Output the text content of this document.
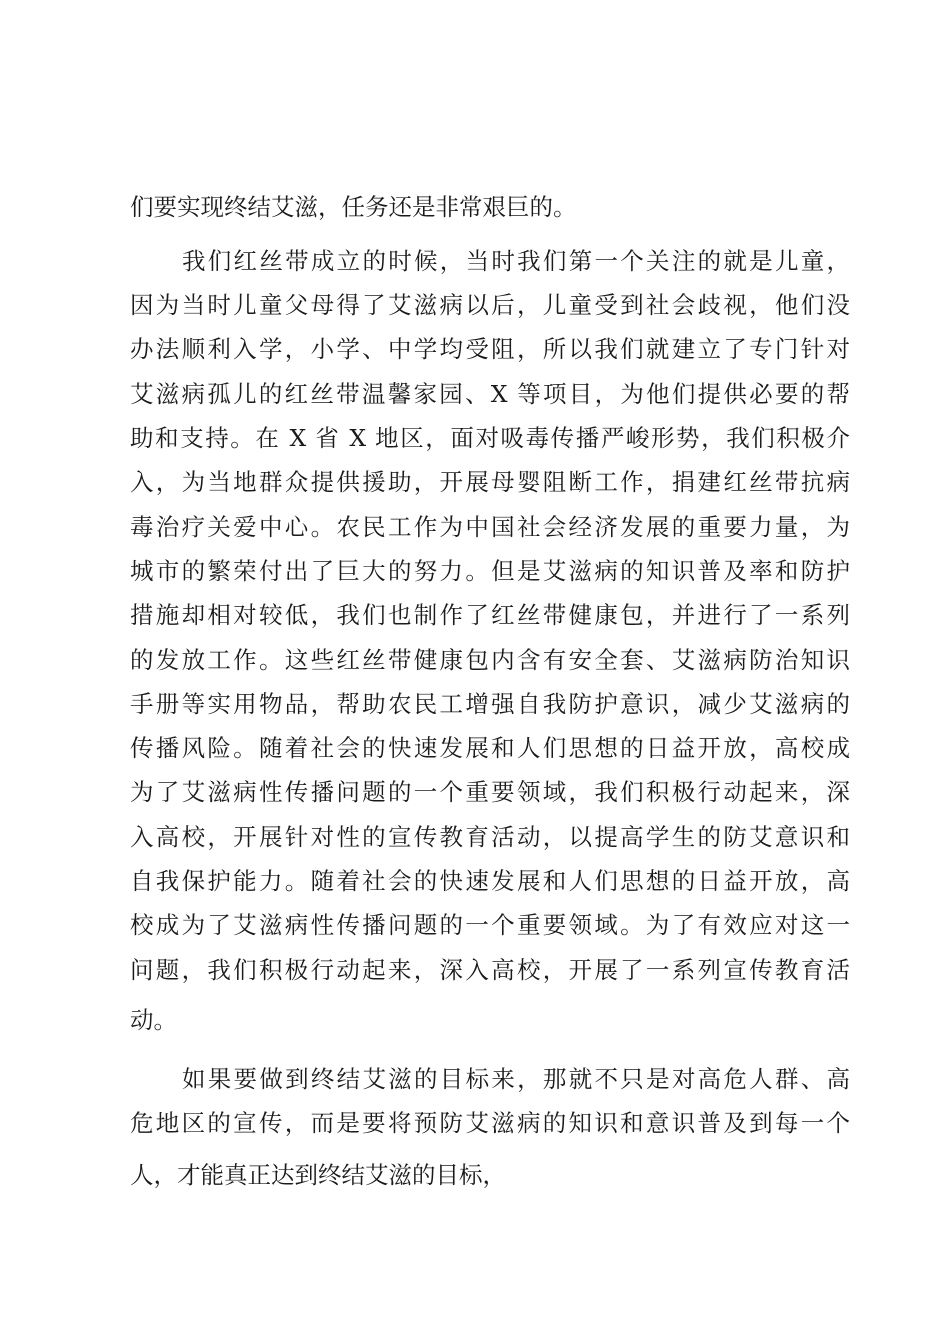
们要实现终结艾滋，任务还是非常艰巨的。
我们红丝带成立的时候，当时我们第一个关注的就是儿童，
因为当时儿童父母得了艾滋病以后，儿童受到社会歧视，他们没
办法顺利入学，小学、中学均受阻，所以我们就建立了专门针对
艾滋病孤儿的红丝带温馨家园、X 等项目，为他们提供必要的帮
助和支持。在 X 省 X 地区，面对吸毒传播严峻形势，我们积极介
入，为当地群众提供援助，开展母婴阻断工作，捐建红丝带抗病
毒治疗关爱中心。农民工作为中国社会经济发展的重要力量，为
城市的繁荣付出了巨大的努力。但是艾滋病的知识普及率和防护
措施却相对较低，我们也制作了红丝带健康包，并进行了一系列
的发放工作。这些红丝带健康包内含有安全套、艾滋病防治知识
手册等实用物品，帮助农民工增强自我防护意识，减少艾滋病的
传播风险。随着社会的快速发展和人们思想的日益开放，高校成
为了艾滋病性传播问题的一个重要领域，我们积极行动起来，深
入高校，开展针对性的宣传教育活动，以提高学生的防艾意识和
自我保护能力。随着社会的快速发展和人们思想的日益开放，高
校成为了艾滋病性传播问题的一个重要领域。为了有效应对这一
问题，我们积极行动起来，深入高校，开展了一系列宣传教育活
动。
如果要做到终结艾滋的目标来，那就不只是对高危人群、高
危地区的宣传，而是要将预防艾滋病的知识和意识普及到每一个
人，才能真正达到终结艾滋的目标，
